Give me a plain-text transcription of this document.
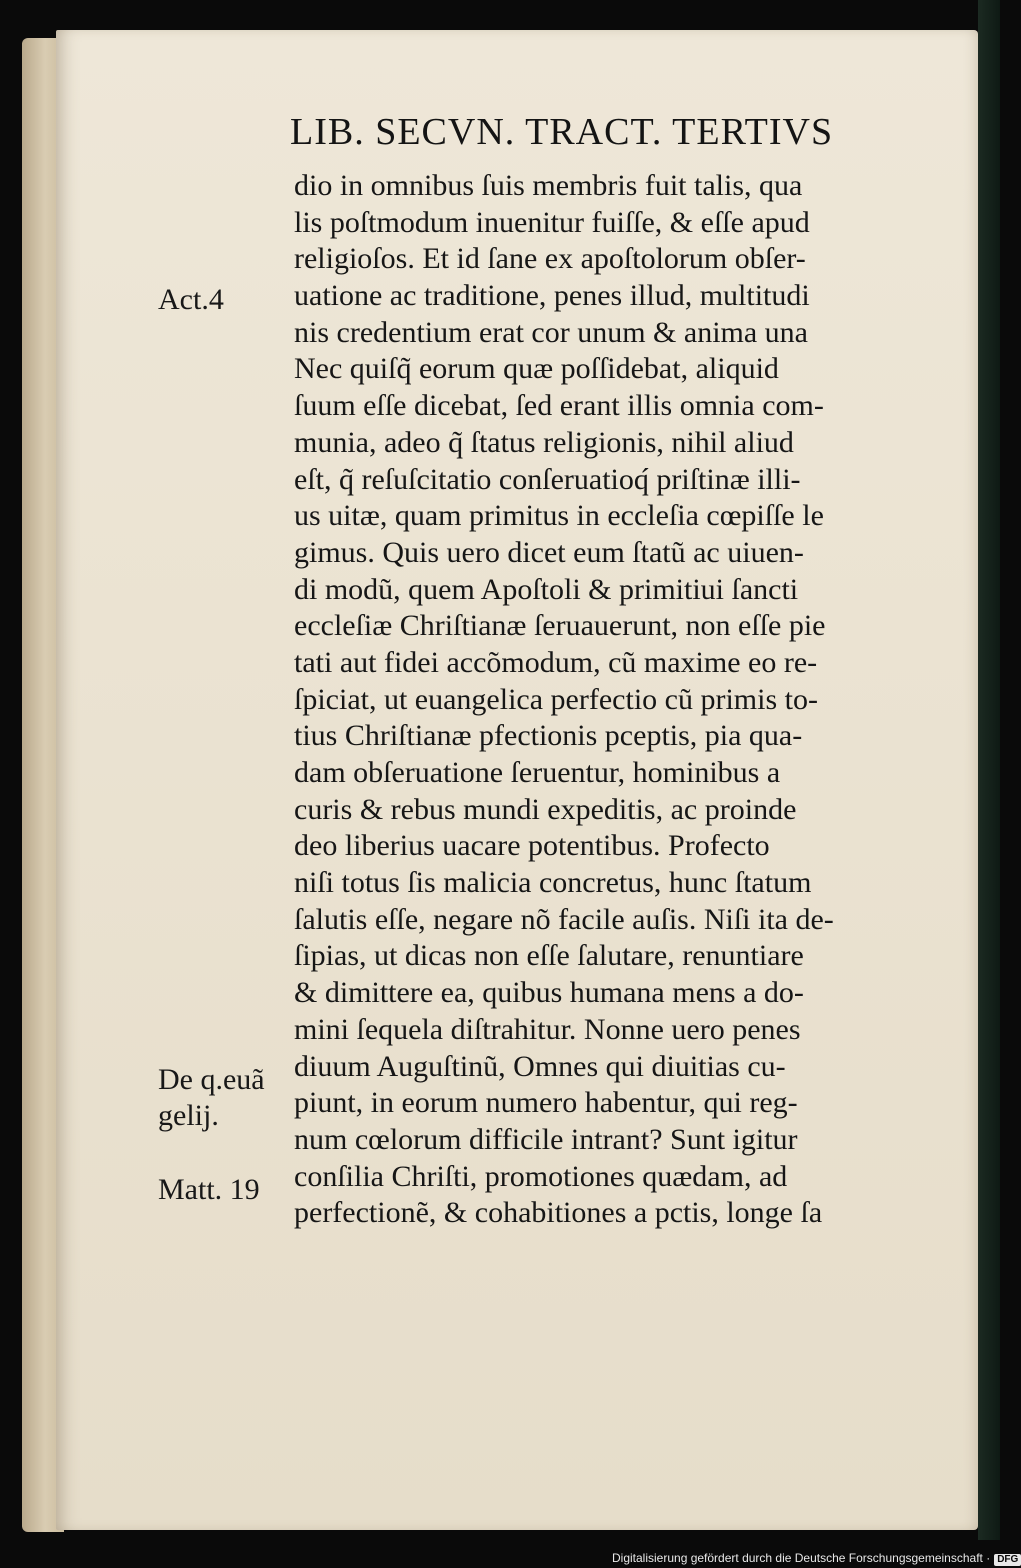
LIB. SECVN. TRACT. TERTIVS
dio in omnibus ſuis membris fuit talis, qua
lis poſtmodum inuenitur fuiſſe, & eſſe apud
religioſos. Et id ſane ex apoſtolorum obſer-
uatione ac traditione, penes illud, multitudi
nis credentium erat cor unum & anima una
Nec quiſq̃ eorum quæ poſſidebat, aliquid
ſuum eſſe dicebat, ſed erant illis omnia com-
munia, adeo q̃ ſtatus religionis, nihil aliud
eſt, q̃ reſuſcitatio conſeruatioq́ priſtinæ illi-
us uitæ, quam primitus in eccleſia cœpiſſe le
gimus. Quis uero dicet eum ſtatũ ac uiuen-
di modũ, quem Apoſtoli & primitiui ſancti
eccleſiæ Chriſtianæ ſeruauerunt, non eſſe pie
tati aut fidei accõmodum, cũ maxime eo re-
ſpiciat, ut euangelica perfectio cũ primis to-
tius Chriſtianæ pfectionis pceptis, pia qua-
dam obſeruatione ſeruentur, hominibus a
curis & rebus mundi expeditis, ac proinde
deo liberius uacare potentibus. Profecto
niſi totus ſis malicia concretus, hunc ſtatum
ſalutis eſſe, negare nõ facile auſis. Niſi ita de-
ſipias, ut dicas non eſſe ſalutare, renuntiare
& dimittere ea, quibus humana mens a do-
mini ſequela diſtrahitur. Nonne uero penes
diuum Auguſtinũ, Omnes qui diuitias cu-
piunt, in eorum numero habentur, qui reg-
num cœlorum difficile intrant? Sunt igitur
conſilia Chriſti, promotiones quædam, ad
perfectionẽ, & cohabitiones a pctis, longe ſa
Act.4
De q.euã
gelij.
Matt. 19
Digitalisierung gefördert durch die Deutsche Forschungsgemeinschaft · DFG
